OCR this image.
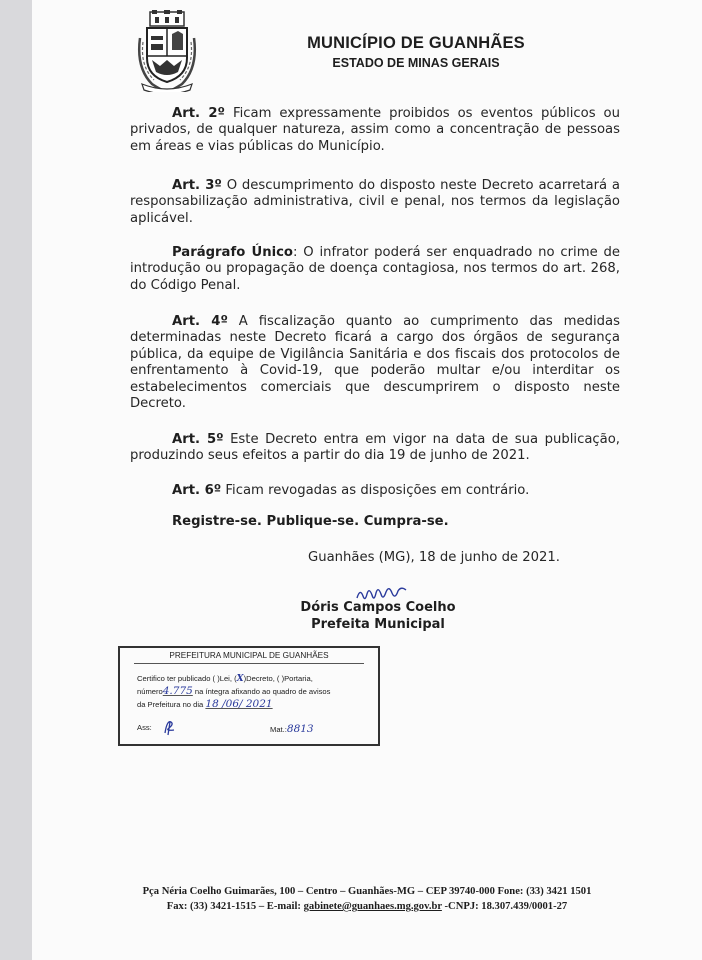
MUNICÍPIO DE GUANHÃES
ESTADO DE MINAS GERAIS

Art. 2º Ficam expressamente proibidos os eventos públicos ou privados, de qualquer natureza, assim como a concentração de pessoas em áreas e vias públicas do Município.

Art. 3º O descumprimento do disposto neste Decreto acarretará a responsabilização administrativa, civil e penal, nos termos da legislação aplicável.

Parágrafo Único: O infrator poderá ser enquadrado no crime de introdução ou propagação de doença contagiosa, nos termos do art. 268, do Código Penal.

Art. 4º A fiscalização quanto ao cumprimento das medidas determinadas neste Decreto ficará a cargo dos órgãos de segurança pública, da equipe de Vigilância Sanitária e dos fiscais dos protocolos de enfrentamento à Covid-19, que poderão multar e/ou interditar os estabelecimentos comerciais que descumprirem o disposto neste Decreto.

Art. 5º Este Decreto entra em vigor na data de sua publicação, produzindo seus efeitos a partir do dia 19 de junho de 2021.

Art. 6º Ficam revogadas as disposições em contrário.

Registre-se. Publique-se. Cumpra-se.
Guanhães (MG), 18 de junho de 2021.
Dóris Campos Coelho
Prefeita Municipal
PREFEITURA MUNICIPAL DE GUANHÃES
Certifico ter publicado ( )Lei, (X)Decreto, ( )Portaria,
número4.775 na íntegra afixando ao quadro de avisos
da Prefeitura no dia 18 /06/ 2021
Ass:	Mat.:8813
Pça Néria Coelho Guimarães, 100 – Centro – Guanhães-MG – CEP 39740-000 Fone: (33) 3421 1501
Fax: (33) 3421-1515 – E-mail: gabinete@guanhaes.mg.gov.br -CNPJ: 18.307.439/0001-27
